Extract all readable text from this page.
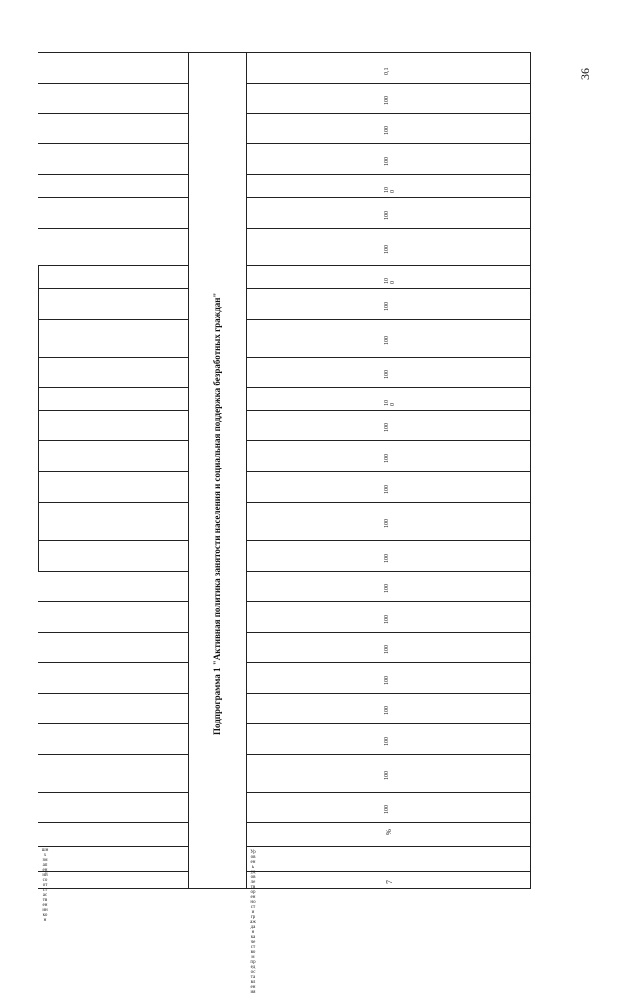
36
Подпрограмма 1 "Активная политика занятости населения и социальная поддержка безработных граждан"
%
7
0,1
100
100
100
10
0
100
100
10
0
100
100
100
10
0
100
100
100
100
100
100
100
100
100
100
100
100
100
шн
х
зм
ап
ен
ий
со
от
ст
ас
тв
ен
ин
ко
н
Ур
ов
ен
ь
уд
ов
ле
тв
ор
ен
но
ст
и
гр
аж
да
н
ка
че
ст
во
м
пр
ед
ос
та
вл
ен
ия
